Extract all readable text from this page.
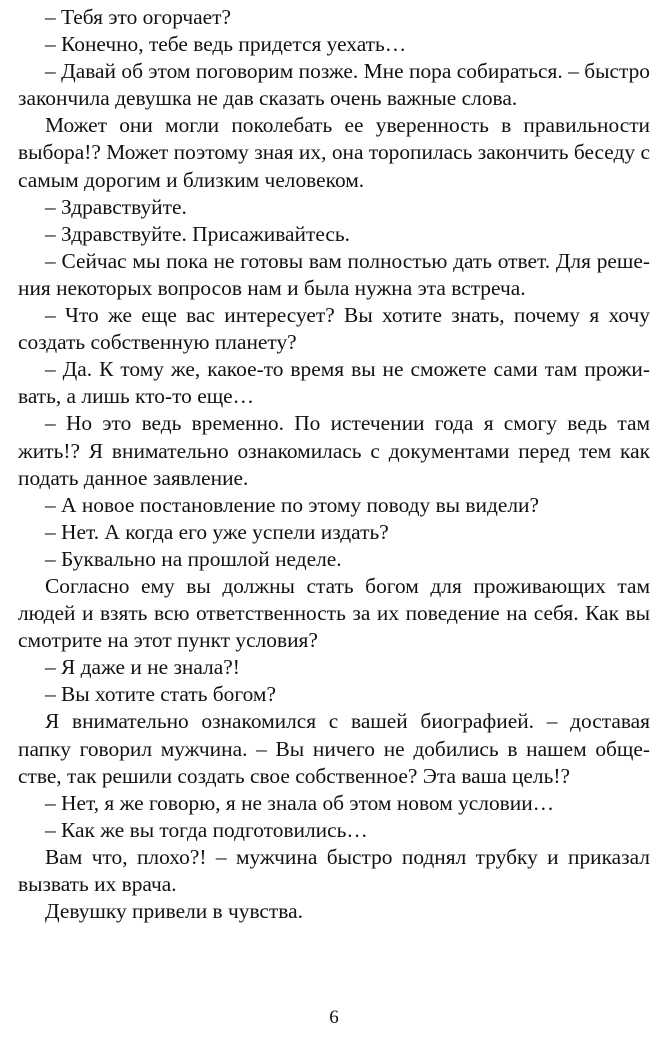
– Тебя это огорчает?

– Конечно, тебе ведь придется уехать…

– Давай об этом поговорим позже. Мне пора собираться. – быстро закончила девушка не дав сказать очень важные слова.

Может они могли поколебать ее уверенность в правильности выбора!? Может поэтому зная их, она торопилась закончить беседу с самым дорогим и близким человеком.

– Здравствуйте.

– Здравствуйте. Присаживайтесь.

– Сейчас мы пока не готовы вам полностью дать ответ. Для решения некоторых вопросов нам и была нужна эта встреча.

– Что же еще вас интересует? Вы хотите знать, почему я хочу создать собственную планету?

– Да. К тому же, какое-то время вы не сможете сами там проживать, а лишь кто-то еще…

– Но это ведь временно. По истечении года я смогу ведь там жить!? Я внимательно ознакомилась с документами перед тем как подать данное заявление.

– А новое постановление по этому поводу вы видели?

– Нет. А когда его уже успели издать?

– Буквально на прошлой неделе.

Согласно ему вы должны стать богом для проживающих там людей и взять всю ответственность за их поведение на себя. Как вы смотрите на этот пункт условия?

– Я даже и не знала?!

– Вы хотите стать богом?

Я внимательно ознакомился с вашей биографией. – доставая папку говорил мужчина. – Вы ничего не добились в нашем обществе, так решили создать свое собственное? Эта ваша цель!?

– Нет, я же говорю, я не знала об этом новом условии…

– Как же вы тогда подготовились…

Вам что, плохо?! – мужчина быстро поднял трубку и приказал вызвать их врача.

Девушку привели в чувства.

6
